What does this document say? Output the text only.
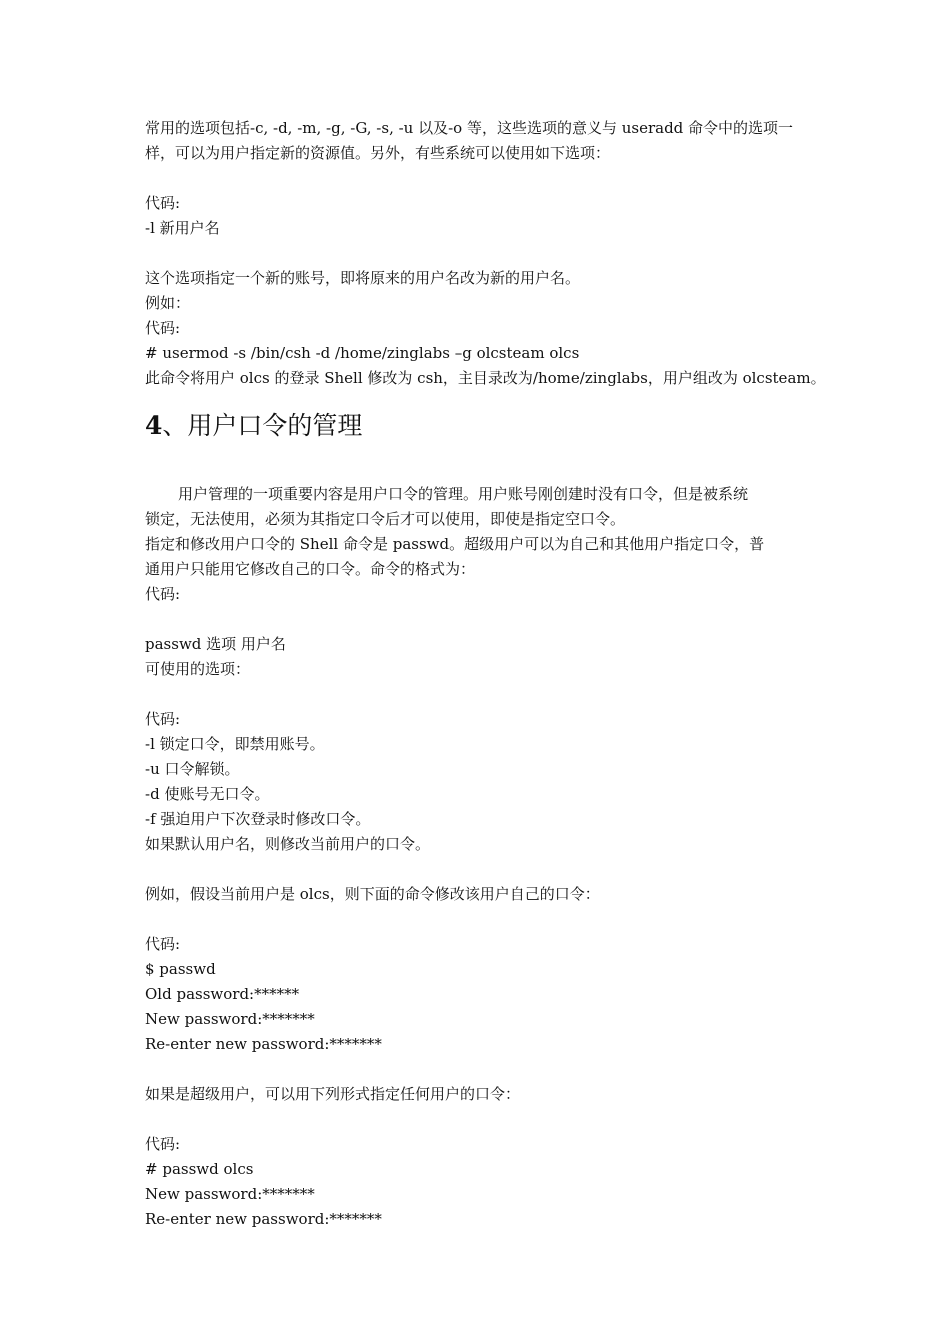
常用的选项包括-c, -d, -m, -g, -G, -s, -u 以及-o 等，这些选项的意义与 useradd 命令中的选项一
样，可以为用户指定新的资源值。另外，有些系统可以使用如下选项：
代码:
-l 新用户名
这个选项指定一个新的账号，即将原来的用户名改为新的用户名。
例如：
代码:
# usermod -s /bin/csh -d /home/zinglabs –g olcsteam olcs
此命令将用户 olcs 的登录 Shell 修改为 csh，主目录改为/home/zinglabs，用户组改为 olcsteam。
4、用户口令的管理
用户管理的一项重要内容是用户口令的管理。用户账号刚创建时没有口令，但是被系统
锁定，无法使用，必须为其指定口令后才可以使用，即使是指定空口令。
指定和修改用户口令的 Shell 命令是 passwd。超级用户可以为自己和其他用户指定口令，普
通用户只能用它修改自己的口令。命令的格式为：
代码:
passwd 选项 用户名
可使用的选项：
代码:
-l 锁定口令，即禁用账号。
-u 口令解锁。
-d 使账号无口令。
-f 强迫用户下次登录时修改口令。
如果默认用户名，则修改当前用户的口令。
例如，假设当前用户是 olcs，则下面的命令修改该用户自己的口令：
代码:
$ passwd
Old password:******
New password:*******
Re-enter new password:*******
如果是超级用户，可以用下列形式指定任何用户的口令：
代码:
# passwd olcs
New password:*******
Re-enter new password:*******
